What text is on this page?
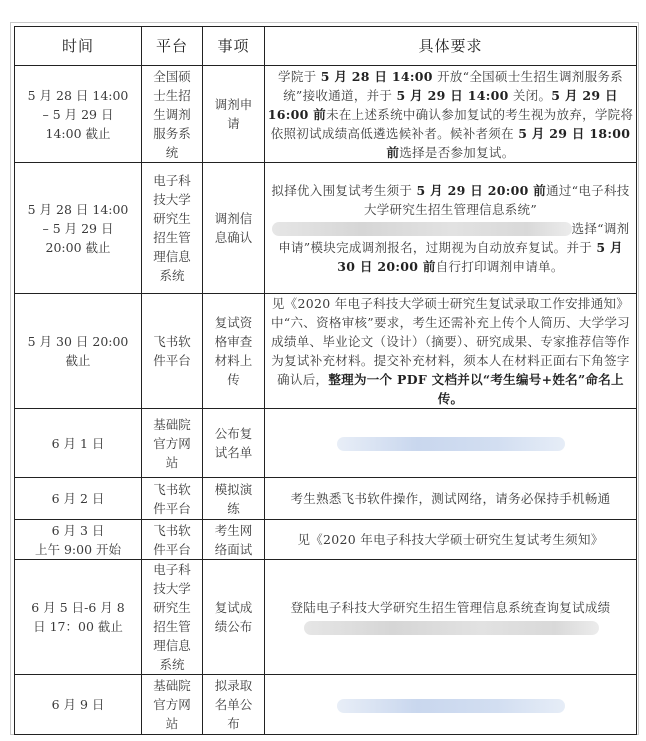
时间	平台	事项	具体要求

5 月 28 日 14:00
– 5 月 29 日
14:00 截止	全国硕士生招生调剂服务系统	调剂申请	学院于 5 月 28 日 14:00 开放“全国硕士生招生调剂服务系统”接收通道，并于 5 月 29 日 14:00 关闭。5 月 29 日 16:00 前未在上述系统中确认参加复试的考生视为放弃，学院将依照初试成绩高低遴选候补者。候补者须在 5 月 29 日 18:00 前选择是否参加复试。

5 月 28 日 14:00
– 5 月 29 日
20:00 截止
	电子科技大学研究生招生管理信息系统	调剂信息确认	拟择优入围复试考生须于 5 月 29 日 20:00 前通过“电子科技大学研究生招生管理信息系统”
选择“调剂申请”模块完成调剂报名，过期视为自动放弃复试。并于 5 月 30 日 20:00 前自行打印调剂申请单。

5 月 30 日 20:00
截止	飞书软件平台	复试资格审查材料上传	见《2020 年电子科技大学硕士研究生复试录取工作安排通知》中“六、资格审核”要求，考生还需补充上传个人简历、大学学习成绩单、毕业论文（设计）（摘要）、研究成果、专家推荐信等作为复试补充材料。提交补充材料，须本人在材料正面右下角签字确认后，整理为一个 PDF 文档并以“考生编号+姓名”命名上传。

6 月 1 日	基础院官方网站	公布复试名单	

6 月 2 日	飞书软件平台	模拟演练	考生熟悉飞书软件操作，测试网络，请务必保持手机畅通

6 月 3 日
上午 9:00 开始	飞书软件平台	考生网络面试	见《2020 年电子科技大学硕士研究生复试考生须知》

6 月 5 日-6 月 8
日 17：00 截止	电子科技大学研究生招生管理信息系统	复试成绩公布	登陆电子科技大学研究生招生管理信息系统查询复试成绩

6 月 9 日	基础院官方网站	拟录取名单公布	
